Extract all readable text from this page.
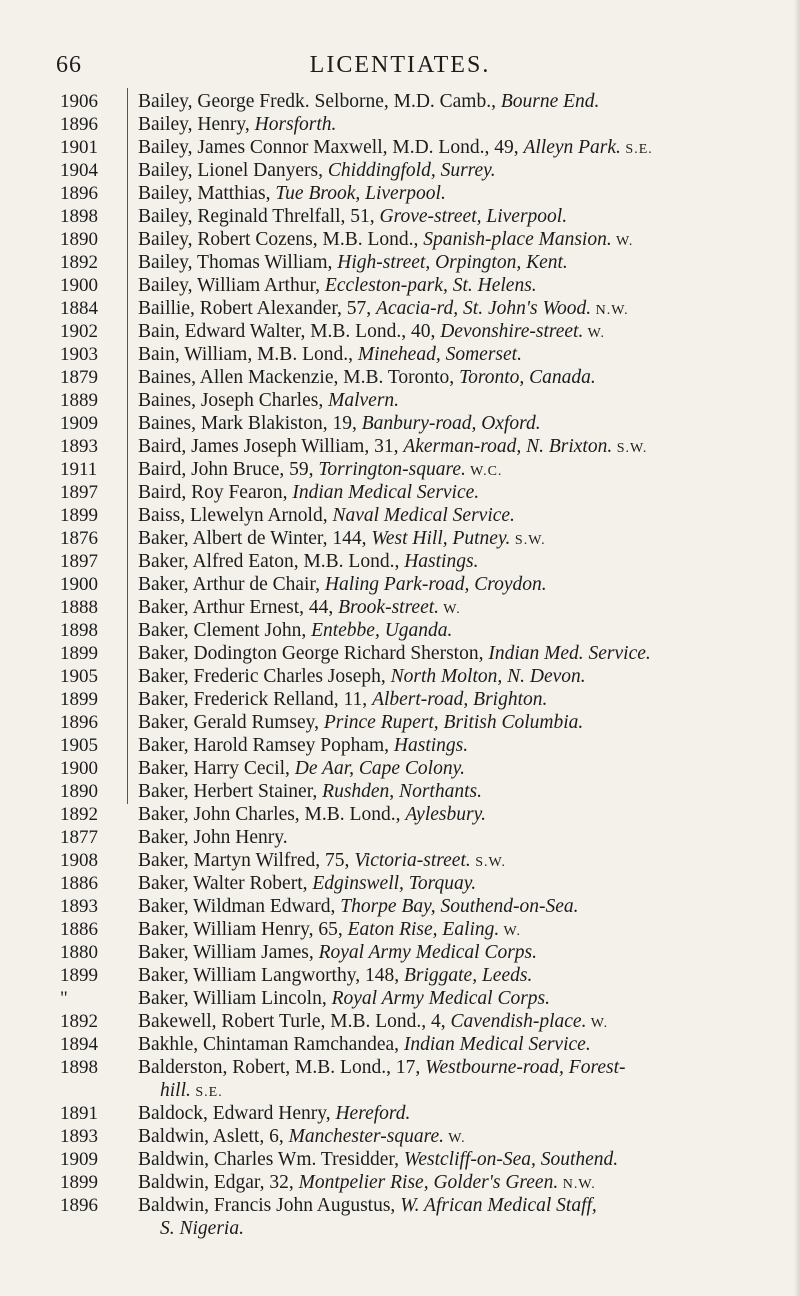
66	LICENTIATES.
1906	Bailey, George Fredk. Selborne, M.D. Camb., Bourne End.
1896	Bailey, Henry, Horsforth.
1901	Bailey, James Connor Maxwell, M.D. Lond., 49, Alleyn Park. S.E.
1904	Bailey, Lionel Danyers, Chiddingfold, Surrey.
1896	Bailey, Matthias, Tue Brook, Liverpool.
1898	Bailey, Reginald Threlfall, 51, Grove-street, Liverpool.
1890	Bailey, Robert Cozens, M.B. Lond., Spanish-place Mansion. W.
1892	Bailey, Thomas William, High-street, Orpington, Kent.
1900	Bailey, William Arthur, Eccleston-park, St. Helens.
1884	Baillie, Robert Alexander, 57, Acacia-rd, St. John's Wood. N.W.
1902	Bain, Edward Walter, M.B. Lond., 40, Devonshire-street. W.
1903	Bain, William, M.B. Lond., Minehead, Somerset.
1879	Baines, Allen Mackenzie, M.B. Toronto, Toronto, Canada.
1889	Baines, Joseph Charles, Malvern.
1909	Baines, Mark Blakiston, 19, Banbury-road, Oxford.
1893	Baird, James Joseph William, 31, Akerman-road, N. Brixton. S.W.
1911	Baird, John Bruce, 59, Torrington-square. W.C.
1897	Baird, Roy Fearon, Indian Medical Service.
1899	Baiss, Llewelyn Arnold, Naval Medical Service.
1876	Baker, Albert de Winter, 144, West Hill, Putney. S.W.
1897	Baker, Alfred Eaton, M.B. Lond., Hastings.
1900	Baker, Arthur de Chair, Haling Park-road, Croydon.
1888	Baker, Arthur Ernest, 44, Brook-street. W.
1898	Baker, Clement John, Entebbe, Uganda.
1899	Baker, Dodington George Richard Sherston, Indian Med. Service.
1905	Baker, Frederic Charles Joseph, North Molton, N. Devon.
1899	Baker, Frederick Relland, 11, Albert-road, Brighton.
1896	Baker, Gerald Rumsey, Prince Rupert, British Columbia.
1905	Baker, Harold Ramsey Popham, Hastings.
1900	Baker, Harry Cecil, De Aar, Cape Colony.
1890	Baker, Herbert Stainer, Rushden, Northants.
1892	Baker, John Charles, M.B. Lond., Aylesbury.
1877	Baker, John Henry.
1908	Baker, Martyn Wilfred, 75, Victoria-street. S.W.
1886	Baker, Walter Robert, Edginswell, Torquay.
1893	Baker, Wildman Edward, Thorpe Bay, Southend-on-Sea.
1886	Baker, William Henry, 65, Eaton Rise, Ealing. W.
1880	Baker, William James, Royal Army Medical Corps.
1899	Baker, William Langworthy, 148, Briggate, Leeds.
"	Baker, William Lincoln, Royal Army Medical Corps.
1892	Bakewell, Robert Turle, M.B. Lond., 4, Cavendish-place. W.
1894	Bakhle, Chintaman Ramchandea, Indian Medical Service.
1898	Balderston, Robert, M.B. Lond., 17, Westbourne-road, Forest-
hill. S.E.
1891	Baldock, Edward Henry, Hereford.
1893	Baldwin, Aslett, 6, Manchester-square. W.
1909	Baldwin, Charles Wm. Tresidder, Westcliff-on-Sea, Southend.
1899	Baldwin, Edgar, 32, Montpelier Rise, Golder's Green. N.W.
1896	Baldwin, Francis John Augustus, W. African Medical Staff,
S. Nigeria.
